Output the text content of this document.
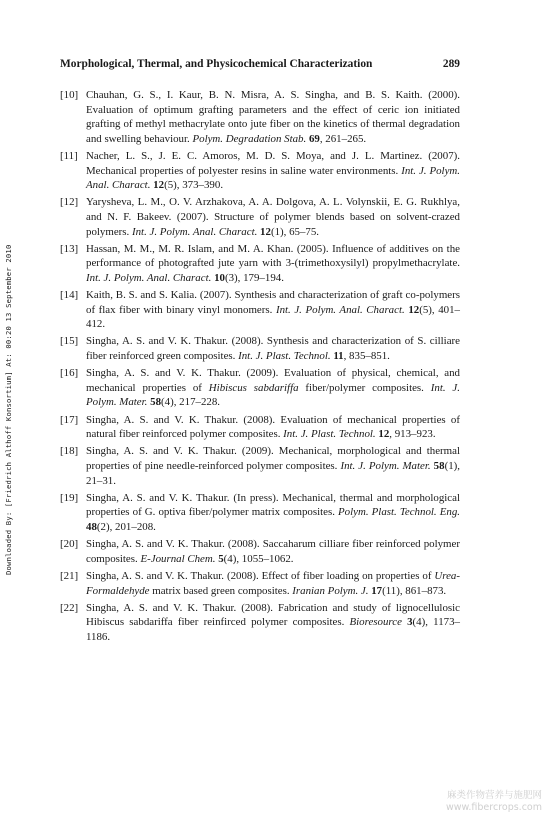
Downloaded By: [Friedrich Althoff Konsortium] At: 00:20 13 September 2010
Morphological, Thermal, and Physicochemical Characterization	289
[10] Chauhan, G. S., I. Kaur, B. N. Misra, A. S. Singha, and B. S. Kaith. (2000). Evaluation of optimum grafting parameters and the effect of ceric ion initiated grafting of methyl methacrylate onto jute fiber on the kinetics of thermal degradation and swelling behaviour. Polym. Degradation Stab. 69, 261–265.
[11] Nacher, L. S., J. E. C. Amoros, M. D. S. Moya, and J. L. Martinez. (2007). Mechanical properties of polyester resins in saline water environments. Int. J. Polym. Anal. Charact. 12(5), 373–390.
[12] Yarysheva, L. M., O. V. Arzhakova, A. A. Dolgova, A. L. Volynskii, E. G. Rukhlya, and N. F. Bakeev. (2007). Structure of polymer blends based on solvent-crazed polymers. Int. J. Polym. Anal. Charact. 12(1), 65–75.
[13] Hassan, M. M., M. R. Islam, and M. A. Khan. (2005). Influence of additives on the performance of photografted jute yarn with 3-(trimethoxysilyl) propylmethacrylate. Int. J. Polym. Anal. Charact. 10(3), 179–194.
[14] Kaith, B. S. and S. Kalia. (2007). Synthesis and characterization of graft co-polymers of flax fiber with binary vinyl monomers. Int. J. Polym. Anal. Charact. 12(5), 401–412.
[15] Singha, A. S. and V. K. Thakur. (2008). Synthesis and characterization of S. cilliare fiber reinforced green composites. Int. J. Plast. Technol. 11, 835–851.
[16] Singha, A. S. and V. K. Thakur. (2009). Evaluation of physical, chemical, and mechanical properties of Hibiscus sabdariffa fiber/polymer composites. Int. J. Polym. Mater. 58(4), 217–228.
[17] Singha, A. S. and V. K. Thakur. (2008). Evaluation of mechanical properties of natural fiber reinforced polymer composites. Int. J. Plast. Technol. 12, 913–923.
[18] Singha, A. S. and V. K. Thakur. (2009). Mechanical, morphological and thermal properties of pine needle-reinforced polymer composites. Int. J. Polym. Mater. 58(1), 21–31.
[19] Singha, A. S. and V. K. Thakur. (In press). Mechanical, thermal and morphological properties of G. optiva fiber/polymer matrix composites. Polym. Plast. Technol. Eng. 48(2), 201–208.
[20] Singha, A. S. and V. K. Thakur. (2008). Saccaharum cilliare fiber reinforced polymer composites. E-Journal Chem. 5(4), 1055–1062.
[21] Singha, A. S. and V. K. Thakur. (2008). Effect of fiber loading on properties of Urea-Formaldehyde matrix based green composites. Iranian Polym. J. 17(11), 861–873.
[22] Singha, A. S. and V. K. Thakur. (2008). Fabrication and study of lignocellulosic Hibiscus sabdariffa fiber reinfirced polymer composites. Bioresource 3(4), 1173–1186.
麻类作物营养与施肥网
www.fibercrops.com
